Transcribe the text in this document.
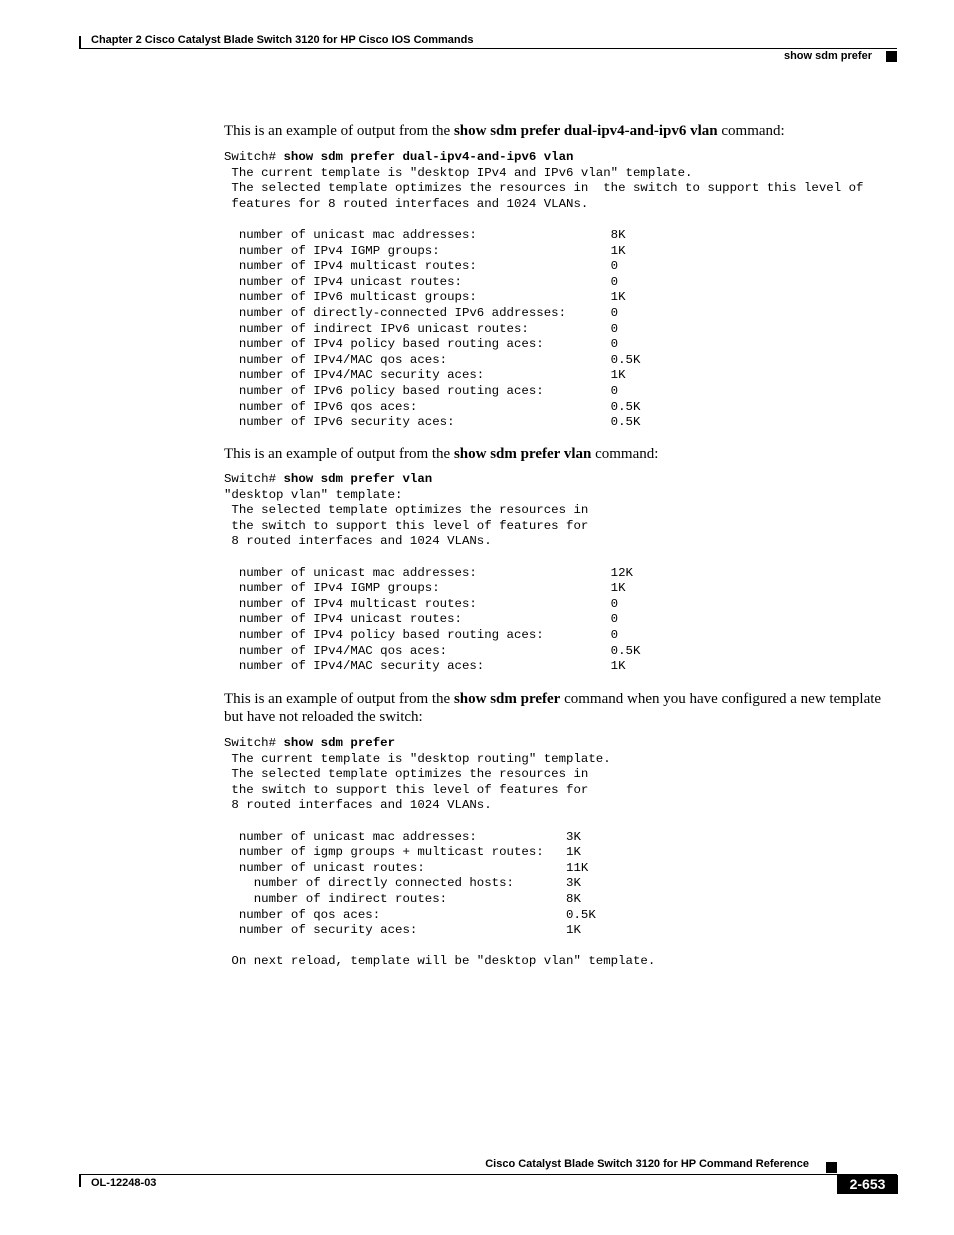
Chapter 2 Cisco Catalyst Blade Switch 3120 for HP Cisco IOS Commands
show sdm prefer
This is an example of output from the show sdm prefer dual-ipv4-and-ipv6 vlan command:
Switch# show sdm prefer dual-ipv4-and-ipv6 vlan
The current template is "desktop IPv4 and IPv6 vlan" template.
The selected template optimizes the resources in  the switch to support this level of
features for 8 routed interfaces and 1024 VLANs.

number of unicast mac addresses:                  8K
number of IPv4 IGMP groups:                       1K
number of IPv4 multicast routes:                  0
number of IPv4 unicast routes:                    0
number of IPv6 multicast groups:                  1K
number of directly-connected IPv6 addresses:      0
number of indirect IPv6 unicast routes:           0
number of IPv4 policy based routing aces:         0
number of IPv4/MAC qos aces:                      0.5K
number of IPv4/MAC security aces:                 1K
number of IPv6 policy based routing aces:         0
number of IPv6 qos aces:                          0.5K
number of IPv6 security aces:                     0.5K
This is an example of output from the show sdm prefer vlan command:
Switch# show sdm prefer vlan
"desktop vlan" template:
The selected template optimizes the resources in
the switch to support this level of features for
8 routed interfaces and 1024 VLANs.

number of unicast mac addresses:                  12K
number of IPv4 IGMP groups:                       1K
number of IPv4 multicast routes:                  0
number of IPv4 unicast routes:                    0
number of IPv4 policy based routing aces:         0
number of IPv4/MAC qos aces:                      0.5K
number of IPv4/MAC security aces:                 1K
This is an example of output from the show sdm prefer command when you have configured a new template but have not reloaded the switch:
Switch# show sdm prefer
The current template is "desktop routing" template.
The selected template optimizes the resources in
the switch to support this level of features for
8 routed interfaces and 1024 VLANs.

number of unicast mac addresses:            3K
number of igmp groups + multicast routes:   1K
number of unicast routes:                   11K
number of directly connected hosts:       3K
number of indirect routes:                8K
number of qos aces:                         0.5K
number of security aces:                    1K

On next reload, template will be "desktop vlan" template.
Cisco Catalyst Blade Switch 3120 for HP Command Reference
OL-12248-03	2-653
